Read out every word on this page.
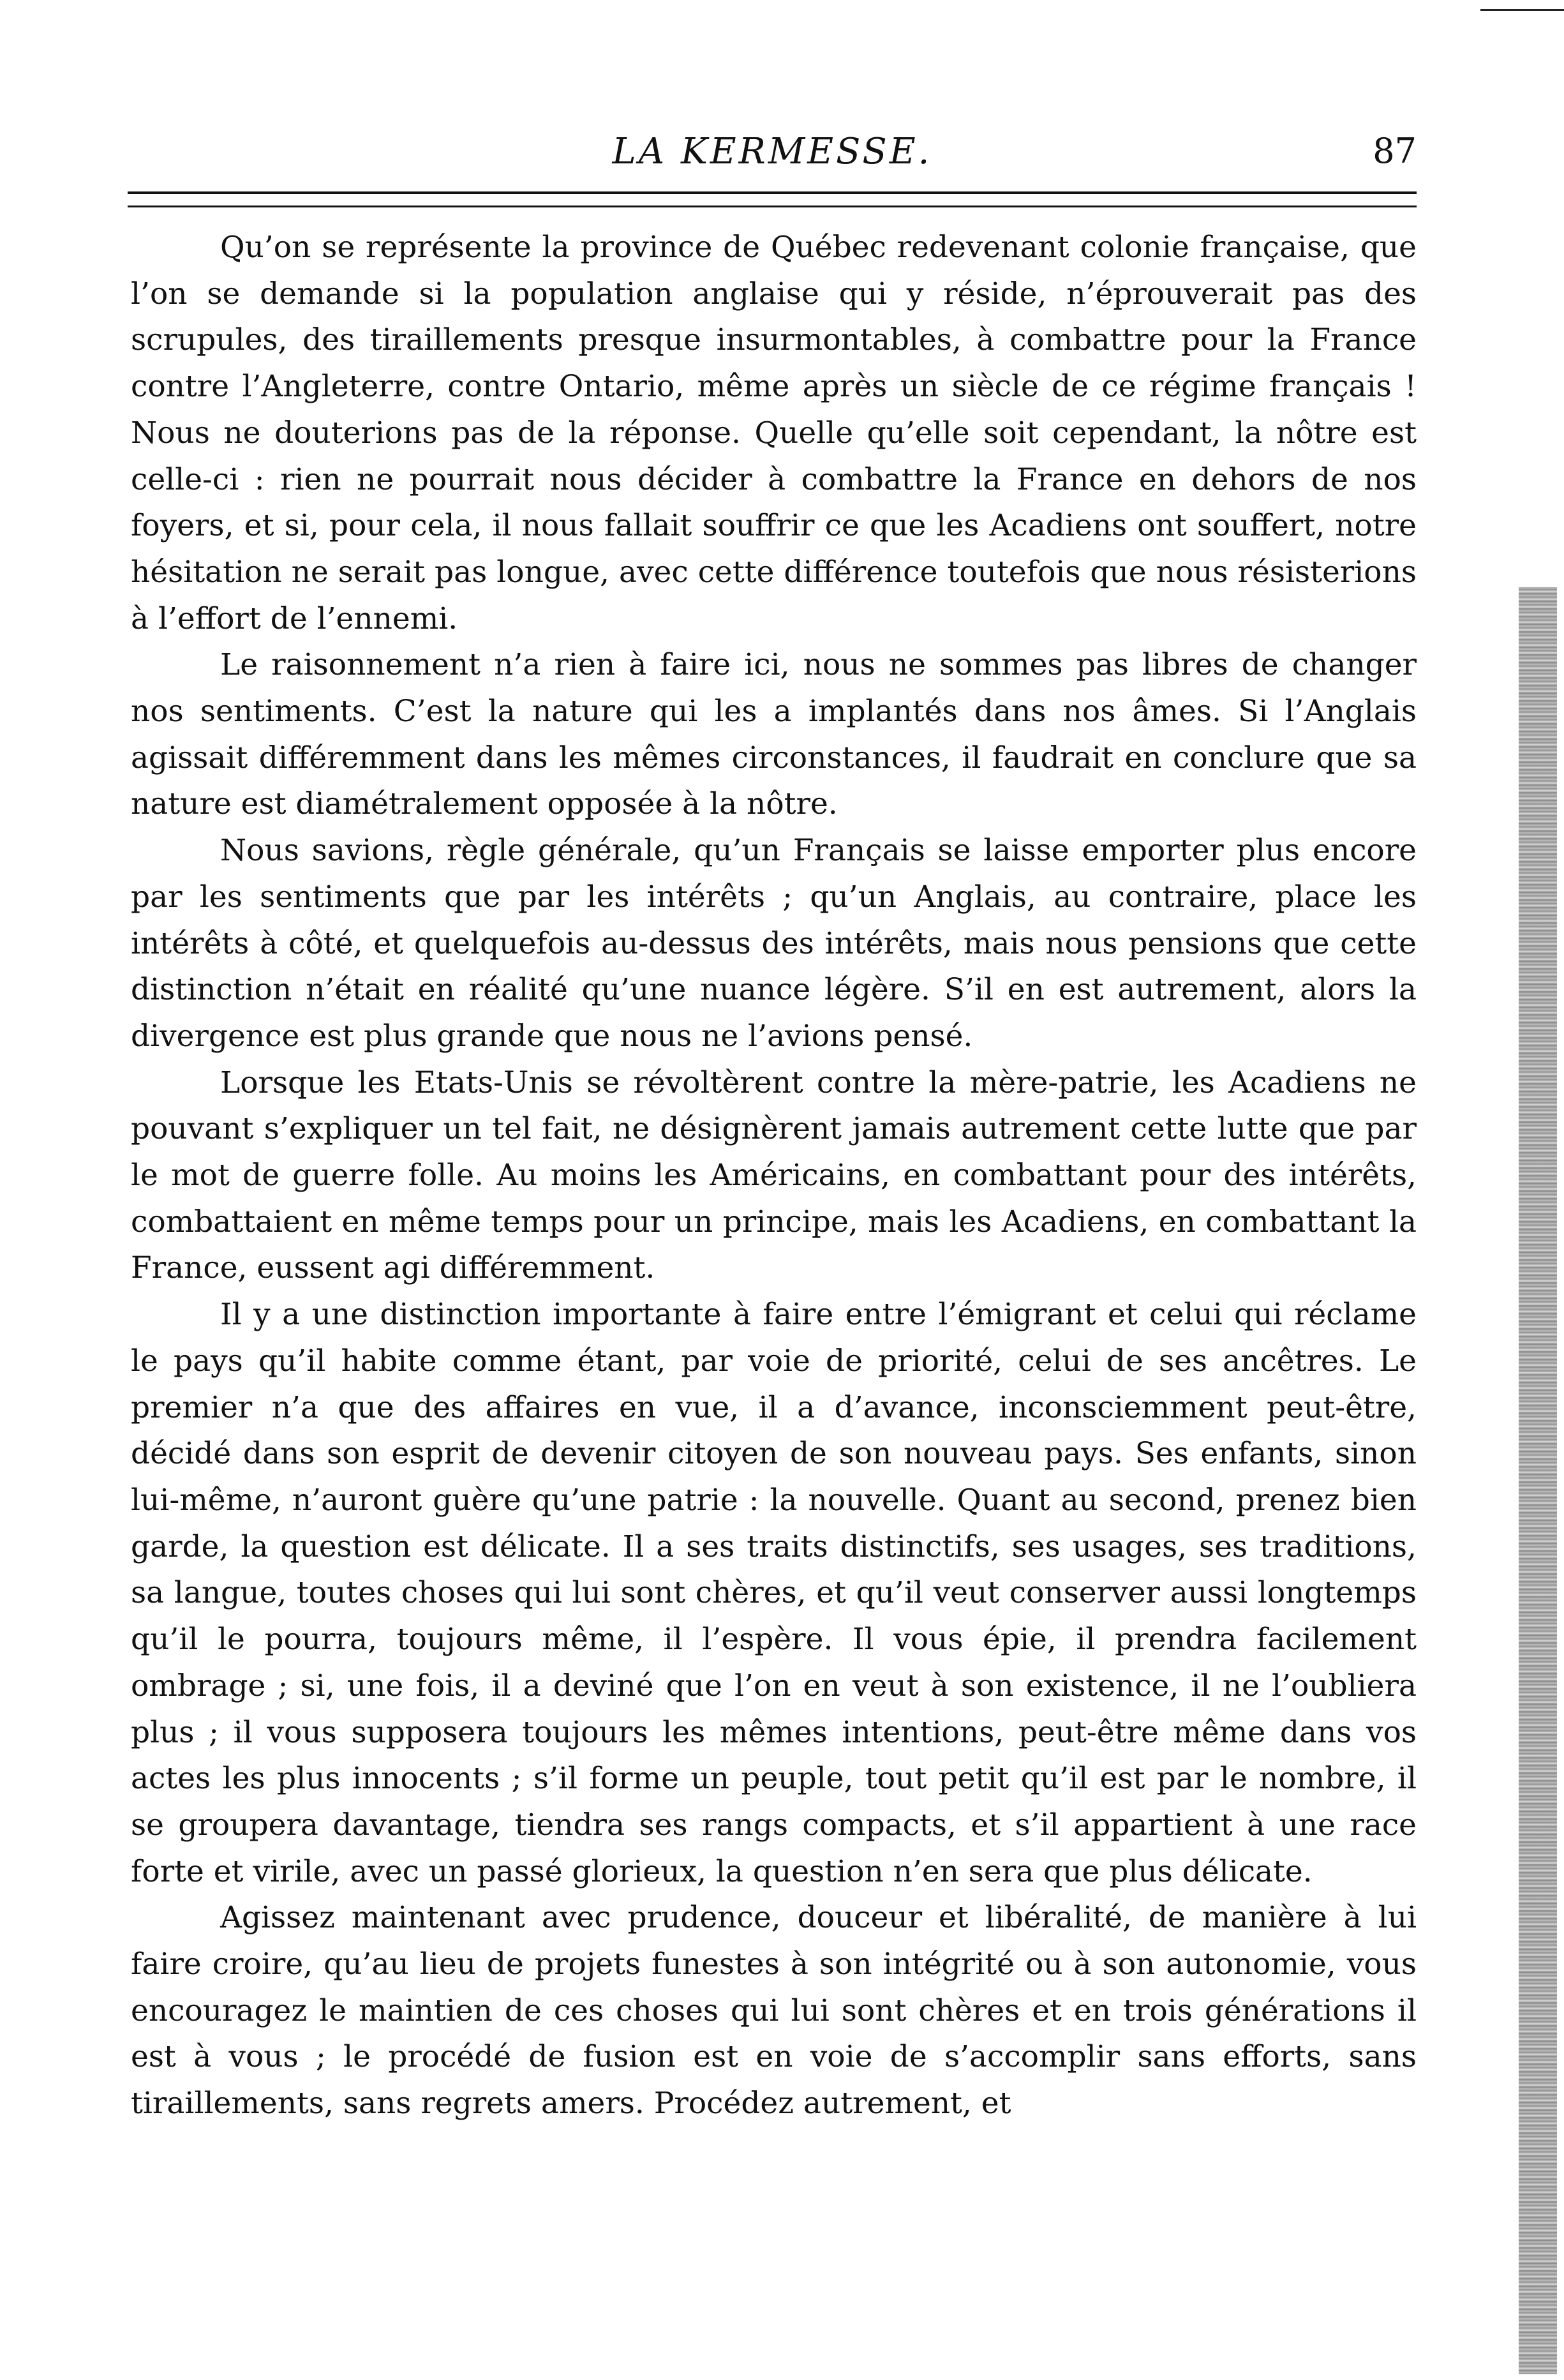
LA KERMESSE.	87

Qu’on se représente la province de Québec redevenant colonie française, que l’on se demande si la population anglaise qui y réside, n’éprouverait pas des scrupules, des tiraillements presque insurmontables, à combattre pour la France contre l’Angleterre, contre Ontario, même après un siècle de ce régime français ! Nous ne douterions pas de la réponse. Quelle qu’elle soit cependant, la nôtre est celle-ci : rien ne pourrait nous décider à combattre la France en dehors de nos foyers, et si, pour cela, il nous fallait souffrir ce que les Acadiens ont souffert, notre hésitation ne serait pas longue, avec cette différence toutefois que nous résisterions à l’effort de l’ennemi.

Le raisonnement n’a rien à faire ici, nous ne sommes pas libres de changer nos sentiments. C’est la nature qui les a implantés dans nos âmes. Si l’Anglais agissait différemment dans les mêmes circonstances, il faudrait en conclure que sa nature est diamétralement opposée à la nôtre.

Nous savions, règle générale, qu’un Français se laisse emporter plus encore par les sentiments que par les intérêts ; qu’un Anglais, au contraire, place les intérêts à côté, et quelquefois au-dessus des intérêts, mais nous pensions que cette distinction n’était en réalité qu’une nuance légère. S’il en est autrement, alors la divergence est plus grande que nous ne l’avions pensé.

Lorsque les Etats-Unis se révoltèrent contre la mère-patrie, les Acadiens ne pouvant s’expliquer un tel fait, ne désignèrent jamais autrement cette lutte que par le mot de guerre folle. Au moins les Américains, en combattant pour des intérêts, combattaient en même temps pour un principe, mais les Acadiens, en combattant la France, eussent agi différemment.

Il y a une distinction importante à faire entre l’émigrant et celui qui réclame le pays qu’il habite comme étant, par voie de priorité, celui de ses ancêtres. Le premier n’a que des affaires en vue, il a d’avance, inconsciemment peut-être, décidé dans son esprit de devenir citoyen de son nouveau pays. Ses enfants, sinon lui-même, n’auront guère qu’une patrie : la nouvelle. Quant au second, prenez bien garde, la question est délicate. Il a ses traits distinctifs, ses usages, ses traditions, sa langue, toutes choses qui lui sont chères, et qu’il veut conserver aussi longtemps qu’il le pourra, toujours même, il l’espère. Il vous épie, il prendra facilement ombrage ; si, une fois, il a deviné que l’on en veut à son existence, il ne l’oubliera plus ; il vous supposera toujours les mêmes intentions, peut-être même dans vos actes les plus innocents ; s’il forme un peuple, tout petit qu’il est par le nombre, il se groupera davantage, tiendra ses rangs compacts, et s’il appartient à une race forte et virile, avec un passé glorieux, la question n’en sera que plus délicate.

Agissez maintenant avec prudence, douceur et libéralité, de manière à lui faire croire, qu’au lieu de projets funestes à son intégrité ou à son autonomie, vous encouragez le maintien de ces choses qui lui sont chères et en trois générations il est à vous ; le procédé de fusion est en voie de s’accomplir sans efforts, sans tiraillements, sans regrets amers. Procédez autrement, et
